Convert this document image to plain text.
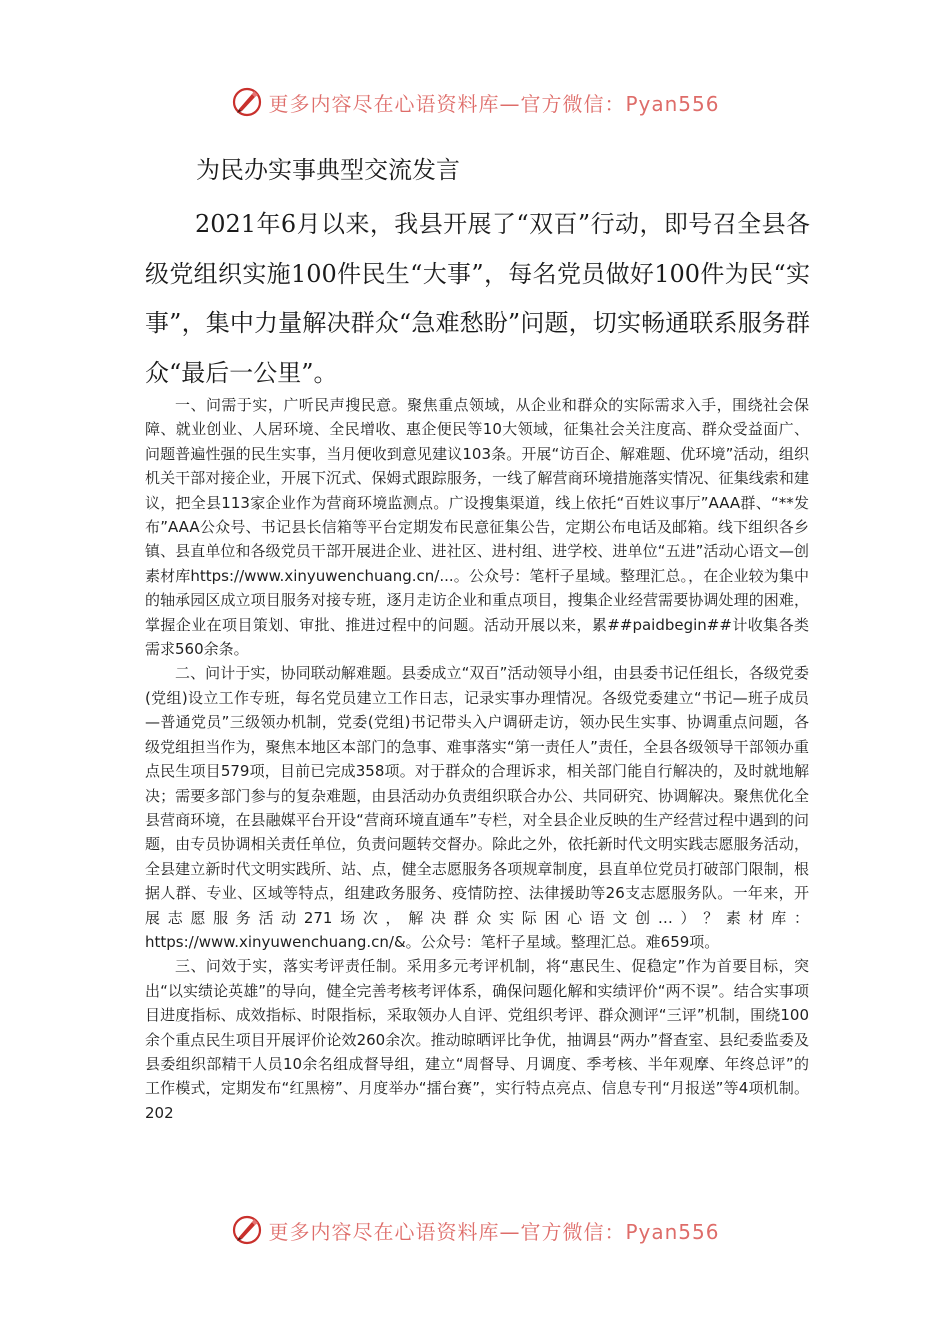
更多内容尽在心语资料库—官方微信：Pyan556
为民办实事典型交流发言

2021年6月以来，我县开展了“双百”行动，即号召全县各级党组织实施100件民生“大事”，每名党员做好100件为民“实事”，集中力量解决群众“急难愁盼”问题，切实畅通联系服务群众“最后一公里”。

一、问需于实，广听民声搜民意。聚焦重点领域，从企业和群众的实际需求入手，围绕社会保障、就业创业、人居环境、全民增收、惠企便民等10大领域，征集社会关注度高、群众受益面广、问题普遍性强的民生实事，当月便收到意见建议103条。开展“访百企、解难题、优环境”活动，组织机关干部对接企业，开展下沉式、保姆式跟踪服务，一线了解营商环境措施落实情况、征集线索和建议，把全县113家企业作为营商环境监测点。广设搜集渠道，线上依托“百姓议事厅”AAA群、“**发布”AAA公众号、书记县长信箱等平台定期发布民意征集公告，定期公布电话及邮箱。线下组织各乡镇、县直单位和各级党员干部开展进企业、进社区、进村组、进学校、进单位“五进”活动心语文—创素材库https://www.xinyuwenchuang.cn/...。公众号：笔杆子星域。整理汇总。，在企业较为集中的轴承园区成立项目服务对接专班，逐月走访企业和重点项目，搜集企业经营需要协调处理的困难，掌握企业在项目策划、审批、推进过程中的问题。活动开展以来，累##paidbegin##计收集各类需求560余条。

二、问计于实，协同联动解难题。县委成立“双百”活动领导小组，由县委书记任组长，各级党委(党组)设立工作专班，每名党员建立工作日志，记录实事办理情况。各级党委建立“书记—班子成员—普通党员”三级领办机制，党委(党组)书记带头入户调研走访，领办民生实事、协调重点问题，各级党组担当作为，聚焦本地区本部门的急事、难事落实“第一责任人”责任，全县各级领导干部领办重点民生项目579项，目前已完成358项。对于群众的合理诉求，相关部门能自行解决的，及时就地解决；需要多部门参与的复杂难题，由县活动办负责组织联合办公、共同研究、协调解决。聚焦优化全县营商环境，在县融媒平台开设“营商环境直通车”专栏，对全县企业反映的生产经营过程中遇到的问题，由专员协调相关责任单位，负责问题转交督办。除此之外，依托新时代文明实践志愿服务活动，全县建立新时代文明实践所、站、点，健全志愿服务各项规章制度，县直单位党员打破部门限制，根据人群、专业、区域等特点，组建政务服务、疫情防控、法律援助等26支志愿服务队。一年来，开展志愿服务活动271场次，解决群众实际困心语文创…）？素材库：https://www.xinyuwenchuang.cn/&。公众号：笔杆子星域。整理汇总。难659项。

三、问效于实，落实考评责任制。采用多元考评机制，将“惠民生、促稳定”作为首要目标，突出“以实绩论英雄”的导向，健全完善考核考评体系，确保问题化解和实绩评价“两不误”。结合实事项目进度指标、成效指标、时限指标，采取领办人自评、党组织考评、群众测评“三评”机制，围绕100余个重点民生项目开展评价论效260余次。推动晾晒评比争优，抽调县“两办”督查室、县纪委监委及县委组织部精干人员10余名组成督导组，建立“周督导、月调度、季考核、半年观摩、年终总评”的工作模式，定期发布“红黑榜”、月度举办“擂台赛”，实行特点亮点、信息专刊“月报送”等4项机制。202

更多内容尽在心语资料库—官方微信：Pyan556
